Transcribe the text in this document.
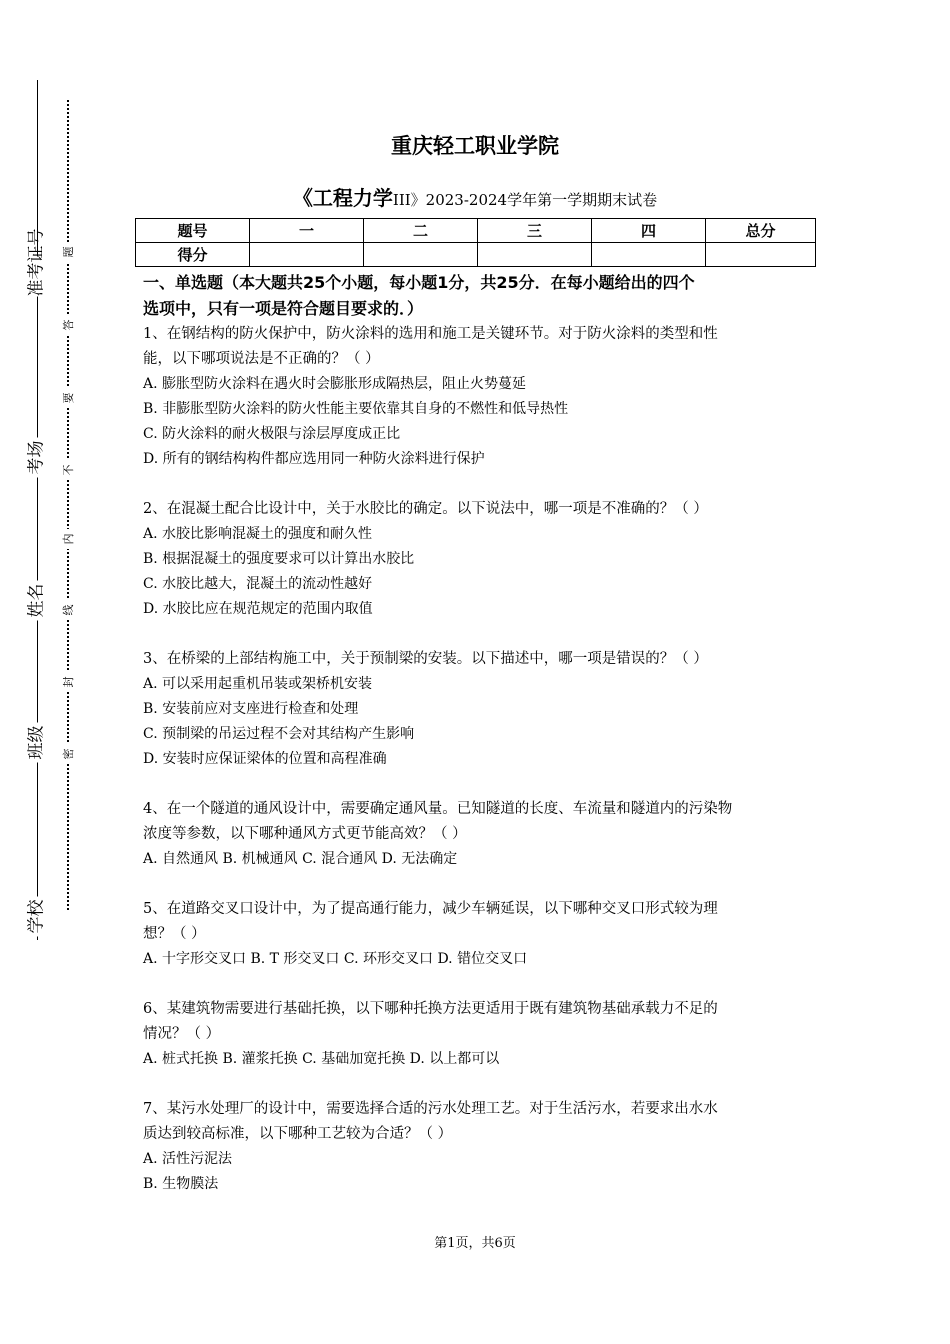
准考证号
考场
姓名
班级
学校
题
答
要
不
内
线
封
密
重庆轻工职业学院
《工程力学III》2023-2024学年第一学期期末试卷
题号	一	二	三	四	总分
得分					

一、单选题（本大题共25个小题，每小题1分，共25分．在每小题给出的四个

选项中，只有一项是符合题目要求的．）

1、在钢结构的防火保护中，防火涂料的选用和施工是关键环节。对于防火涂料的类型和性

能，以下哪项说法是不正确的？（ ）

A. 膨胀型防火涂料在遇火时会膨胀形成隔热层，阻止火势蔓延

B. 非膨胀型防火涂料的防火性能主要依靠其自身的不燃性和低导热性

C. 防火涂料的耐火极限与涂层厚度成正比

D. 所有的钢结构构件都应选用同一种防火涂料进行保护

2、在混凝土配合比设计中，关于水胶比的确定。以下说法中，哪一项是不准确的？（ ）

A. 水胶比影响混凝土的强度和耐久性

B. 根据混凝土的强度要求可以计算出水胶比

C. 水胶比越大，混凝土的流动性越好

D. 水胶比应在规范规定的范围内取值

3、在桥梁的上部结构施工中，关于预制梁的安装。以下描述中，哪一项是错误的？（ ）

A. 可以采用起重机吊装或架桥机安装

B. 安装前应对支座进行检查和处理

C. 预制梁的吊运过程不会对其结构产生影响

D. 安装时应保证梁体的位置和高程准确

4、在一个隧道的通风设计中，需要确定通风量。已知隧道的长度、车流量和隧道内的污染物

浓度等参数，以下哪种通风方式更节能高效？（ ）

A. 自然通风 B. 机械通风 C. 混合通风 D. 无法确定

5、在道路交叉口设计中，为了提高通行能力，减少车辆延误，以下哪种交叉口形式较为理

想？（ ）

A. 十字形交叉口 B. T 形交叉口 C. 环形交叉口 D. 错位交叉口

6、某建筑物需要进行基础托换，以下哪种托换方法更适用于既有建筑物基础承载力不足的

情况？（ ）

A. 桩式托换 B. 灌浆托换 C. 基础加宽托换 D. 以上都可以

7、某污水处理厂的设计中，需要选择合适的污水处理工艺。对于生活污水，若要求出水水

质达到较高标准，以下哪种工艺较为合适？（ ）

A. 活性污泥法

B. 生物膜法

第1页，共6页
